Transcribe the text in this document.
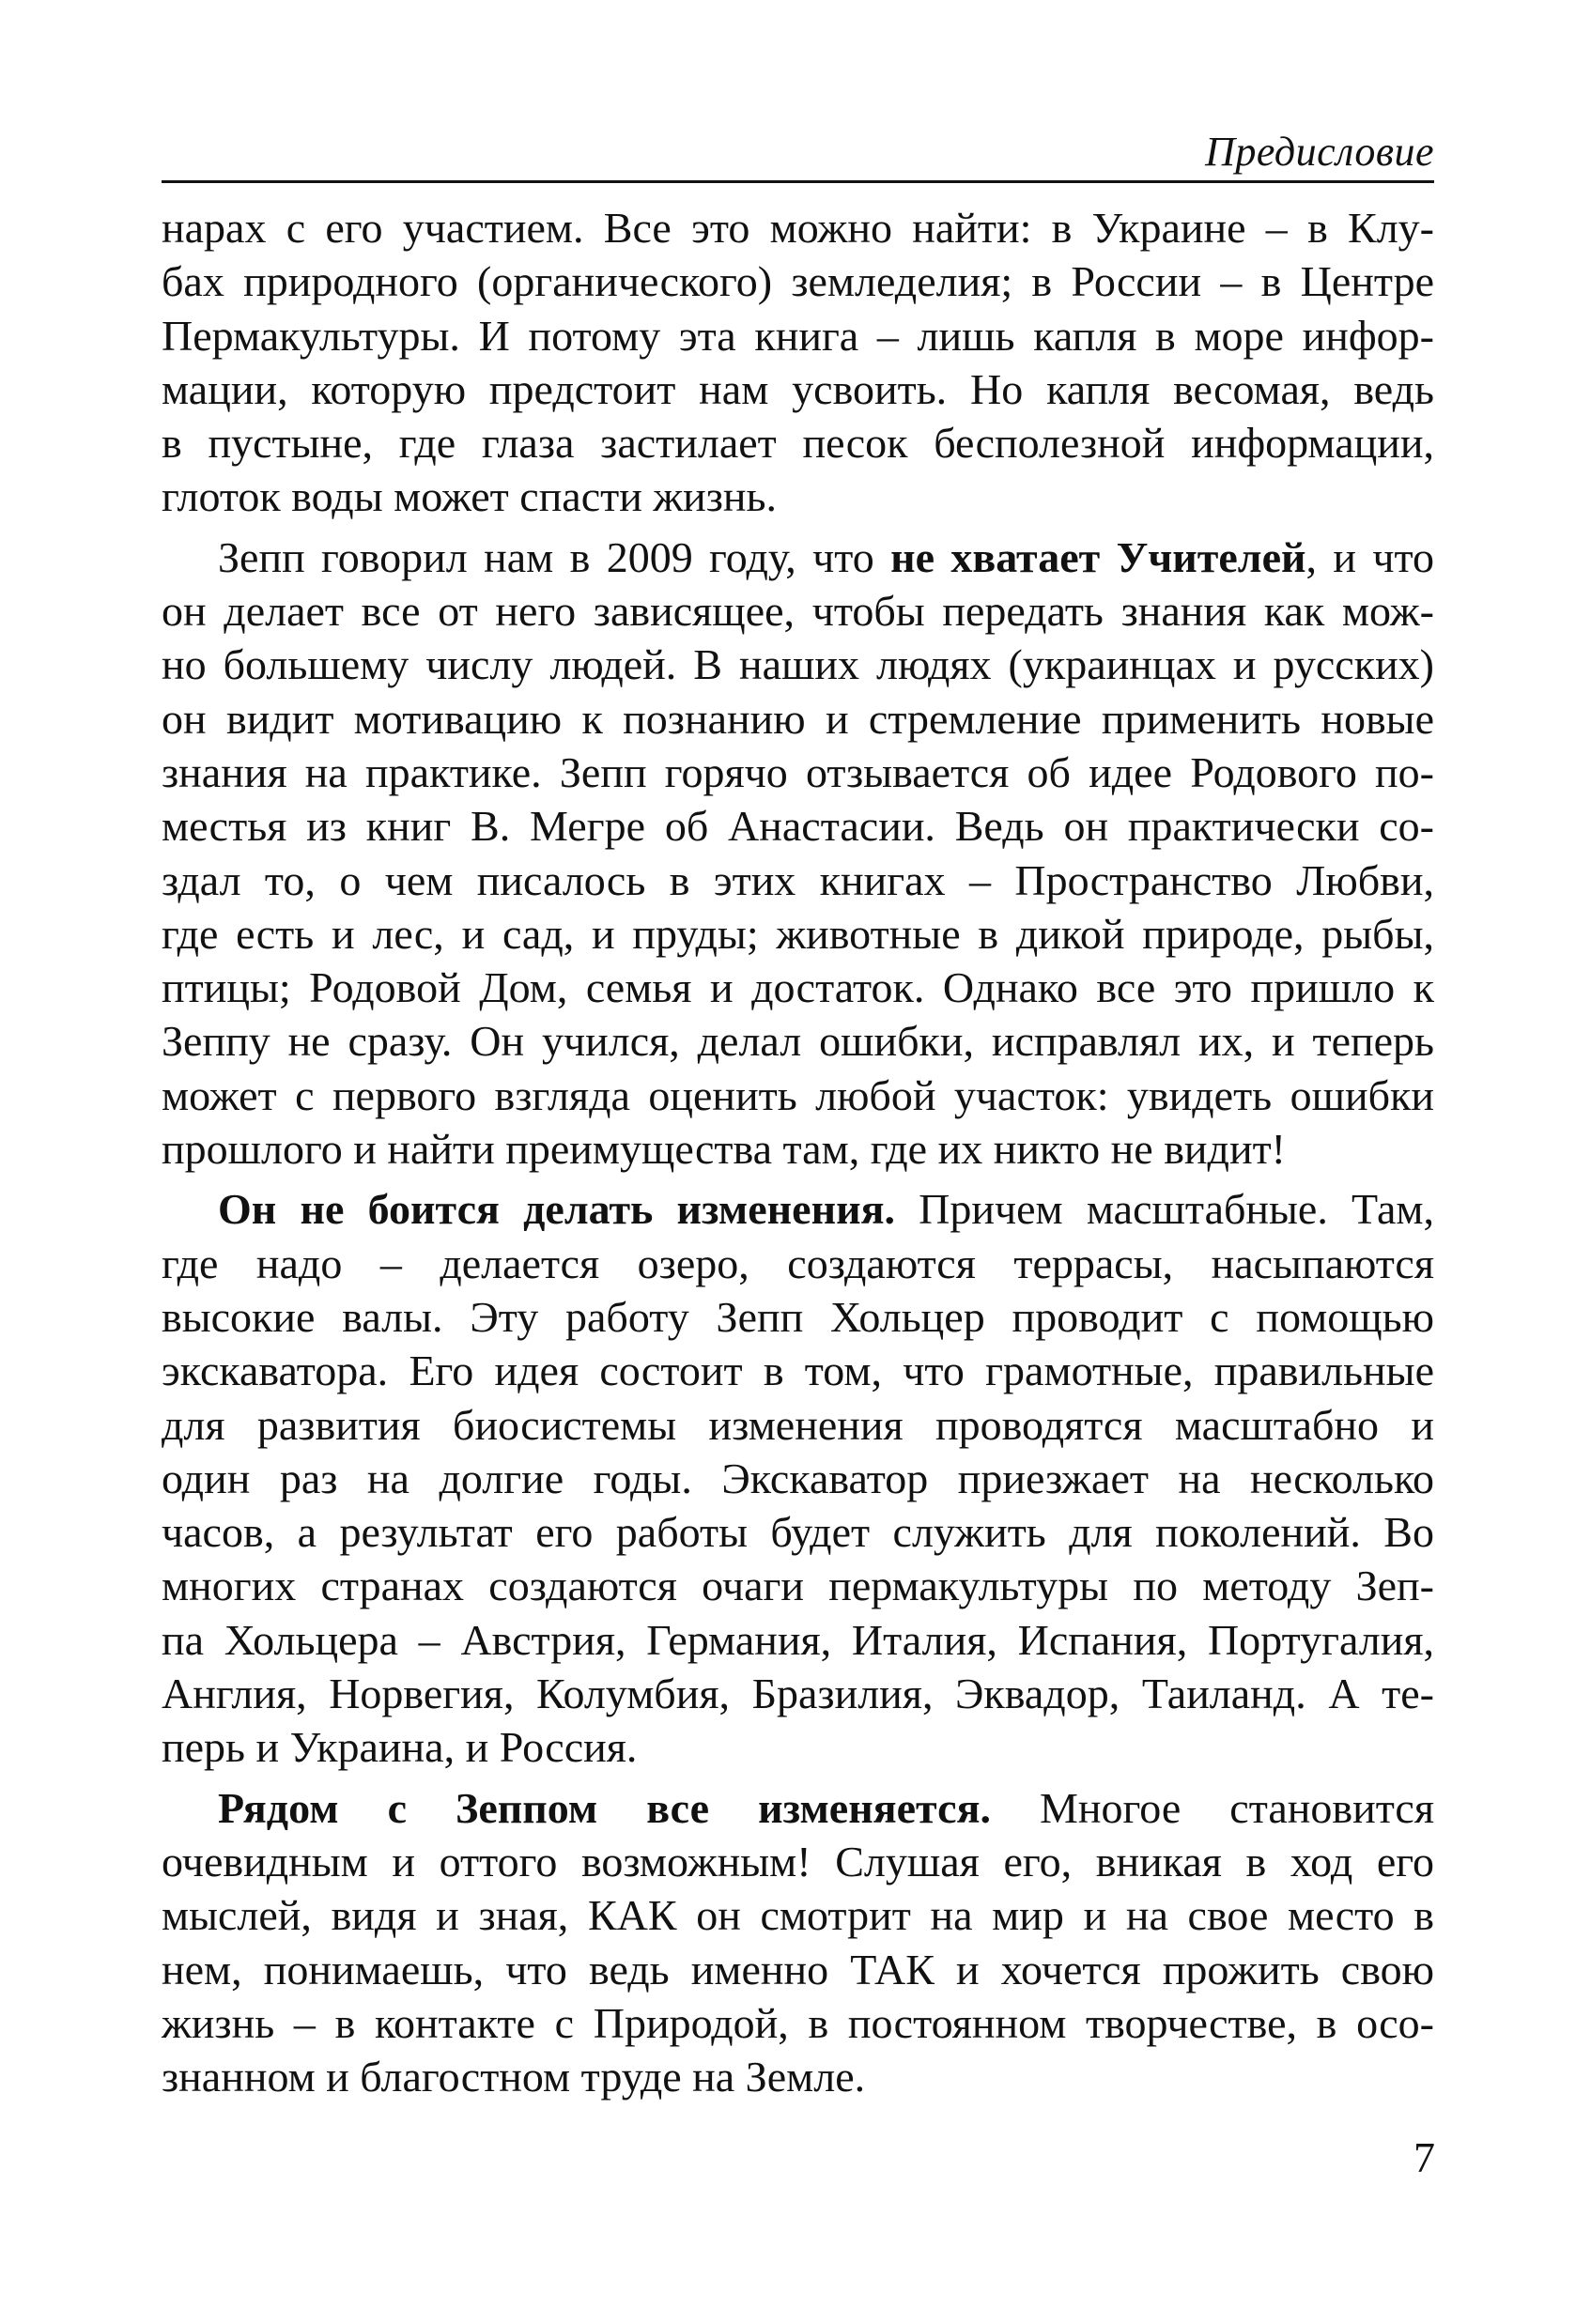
Предисловие
нарах с его участием. Все это можно найти: в Украине – в Клу-
бах природного (органического) земледелия; в России – в Центре
Пермакультуры. И потому эта книга – лишь капля в море инфор-
мации, которую предстоит нам усвоить. Но капля весомая, ведь
в пустыне, где глаза застилает песок бесполезной информации,
глоток воды может спасти жизнь.
Зепп говорил нам в 2009 году, что не хватает Учителей, и что
он делает все от него зависящее, чтобы передать знания как мож-
но большему числу людей. В наших людях (украинцах и русских)
он видит мотивацию к познанию и стремление применить новые
знания на практике. Зепп горячо отзывается об идее Родового по-
местья из книг В. Мегре об Анастасии. Ведь он практически со-
здал то, о чем писалось в этих книгах – Пространство Любви,
где есть и лес, и сад, и пруды; животные в дикой природе, рыбы,
птицы; Родовой Дом, семья и достаток. Однако все это пришло к
Зеппу не сразу. Он учился, делал ошибки, исправлял их, и теперь
может с первого взгляда оценить любой участок: увидеть ошибки
прошлого и найти преимущества там, где их никто не видит!
Он не боится делать изменения. Причем масштабные. Там,
где надо – делается озеро, создаются террасы, насыпаются
высокие валы. Эту работу Зепп Хольцер проводит с помощью
экскаватора. Его идея состоит в том, что грамотные, правильные
для развития биосистемы изменения проводятся масштабно и
один раз на долгие годы. Экскаватор приезжает на несколько
часов, а результат его работы будет служить для поколений. Во
многих странах создаются очаги пермакультуры по методу Зеп-
па Хольцера – Австрия, Германия, Италия, Испания, Португалия,
Англия, Норвегия, Колумбия, Бразилия, Эквадор, Таиланд. А те-
перь и Украина, и Россия.
Рядом с Зеппом все изменяется. Многое становится
очевидным и оттого возможным! Слушая его, вникая в ход его
мыслей, видя и зная, КАК он смотрит на мир и на свое место в
нем, понимаешь, что ведь именно ТАК и хочется прожить свою
жизнь – в контакте с Природой, в постоянном творчестве, в осо-
знанном и благостном труде на Земле.
7
